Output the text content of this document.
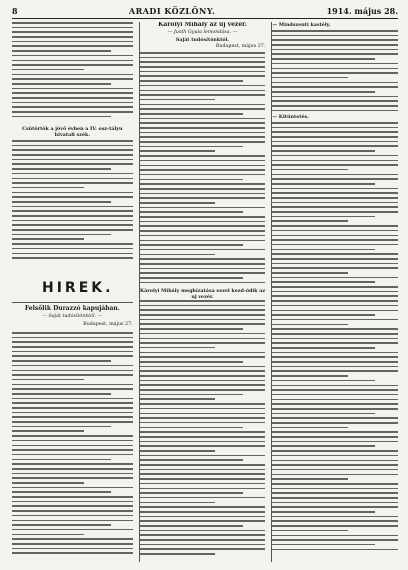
8	ARADI KÖZLÖNY.	1914. május 28.
Csütörtök a jövő évben a IV. osz-tályu hivatali szék.
HIREK.
Felsőlik Durazzó kapujában.
— Saját tudósítónktól. —
Budapest, május 27.
Károlyi Mihály az uj vezér.
— Justh Gyula lemondása. —
Saját tudósítónktól.
Budapest, május 27.
Károlyi Mihály megbízatása ezzel kezd-ódik az uj vezér.
— Mindszenti kastély.
— Kitüntetés.
